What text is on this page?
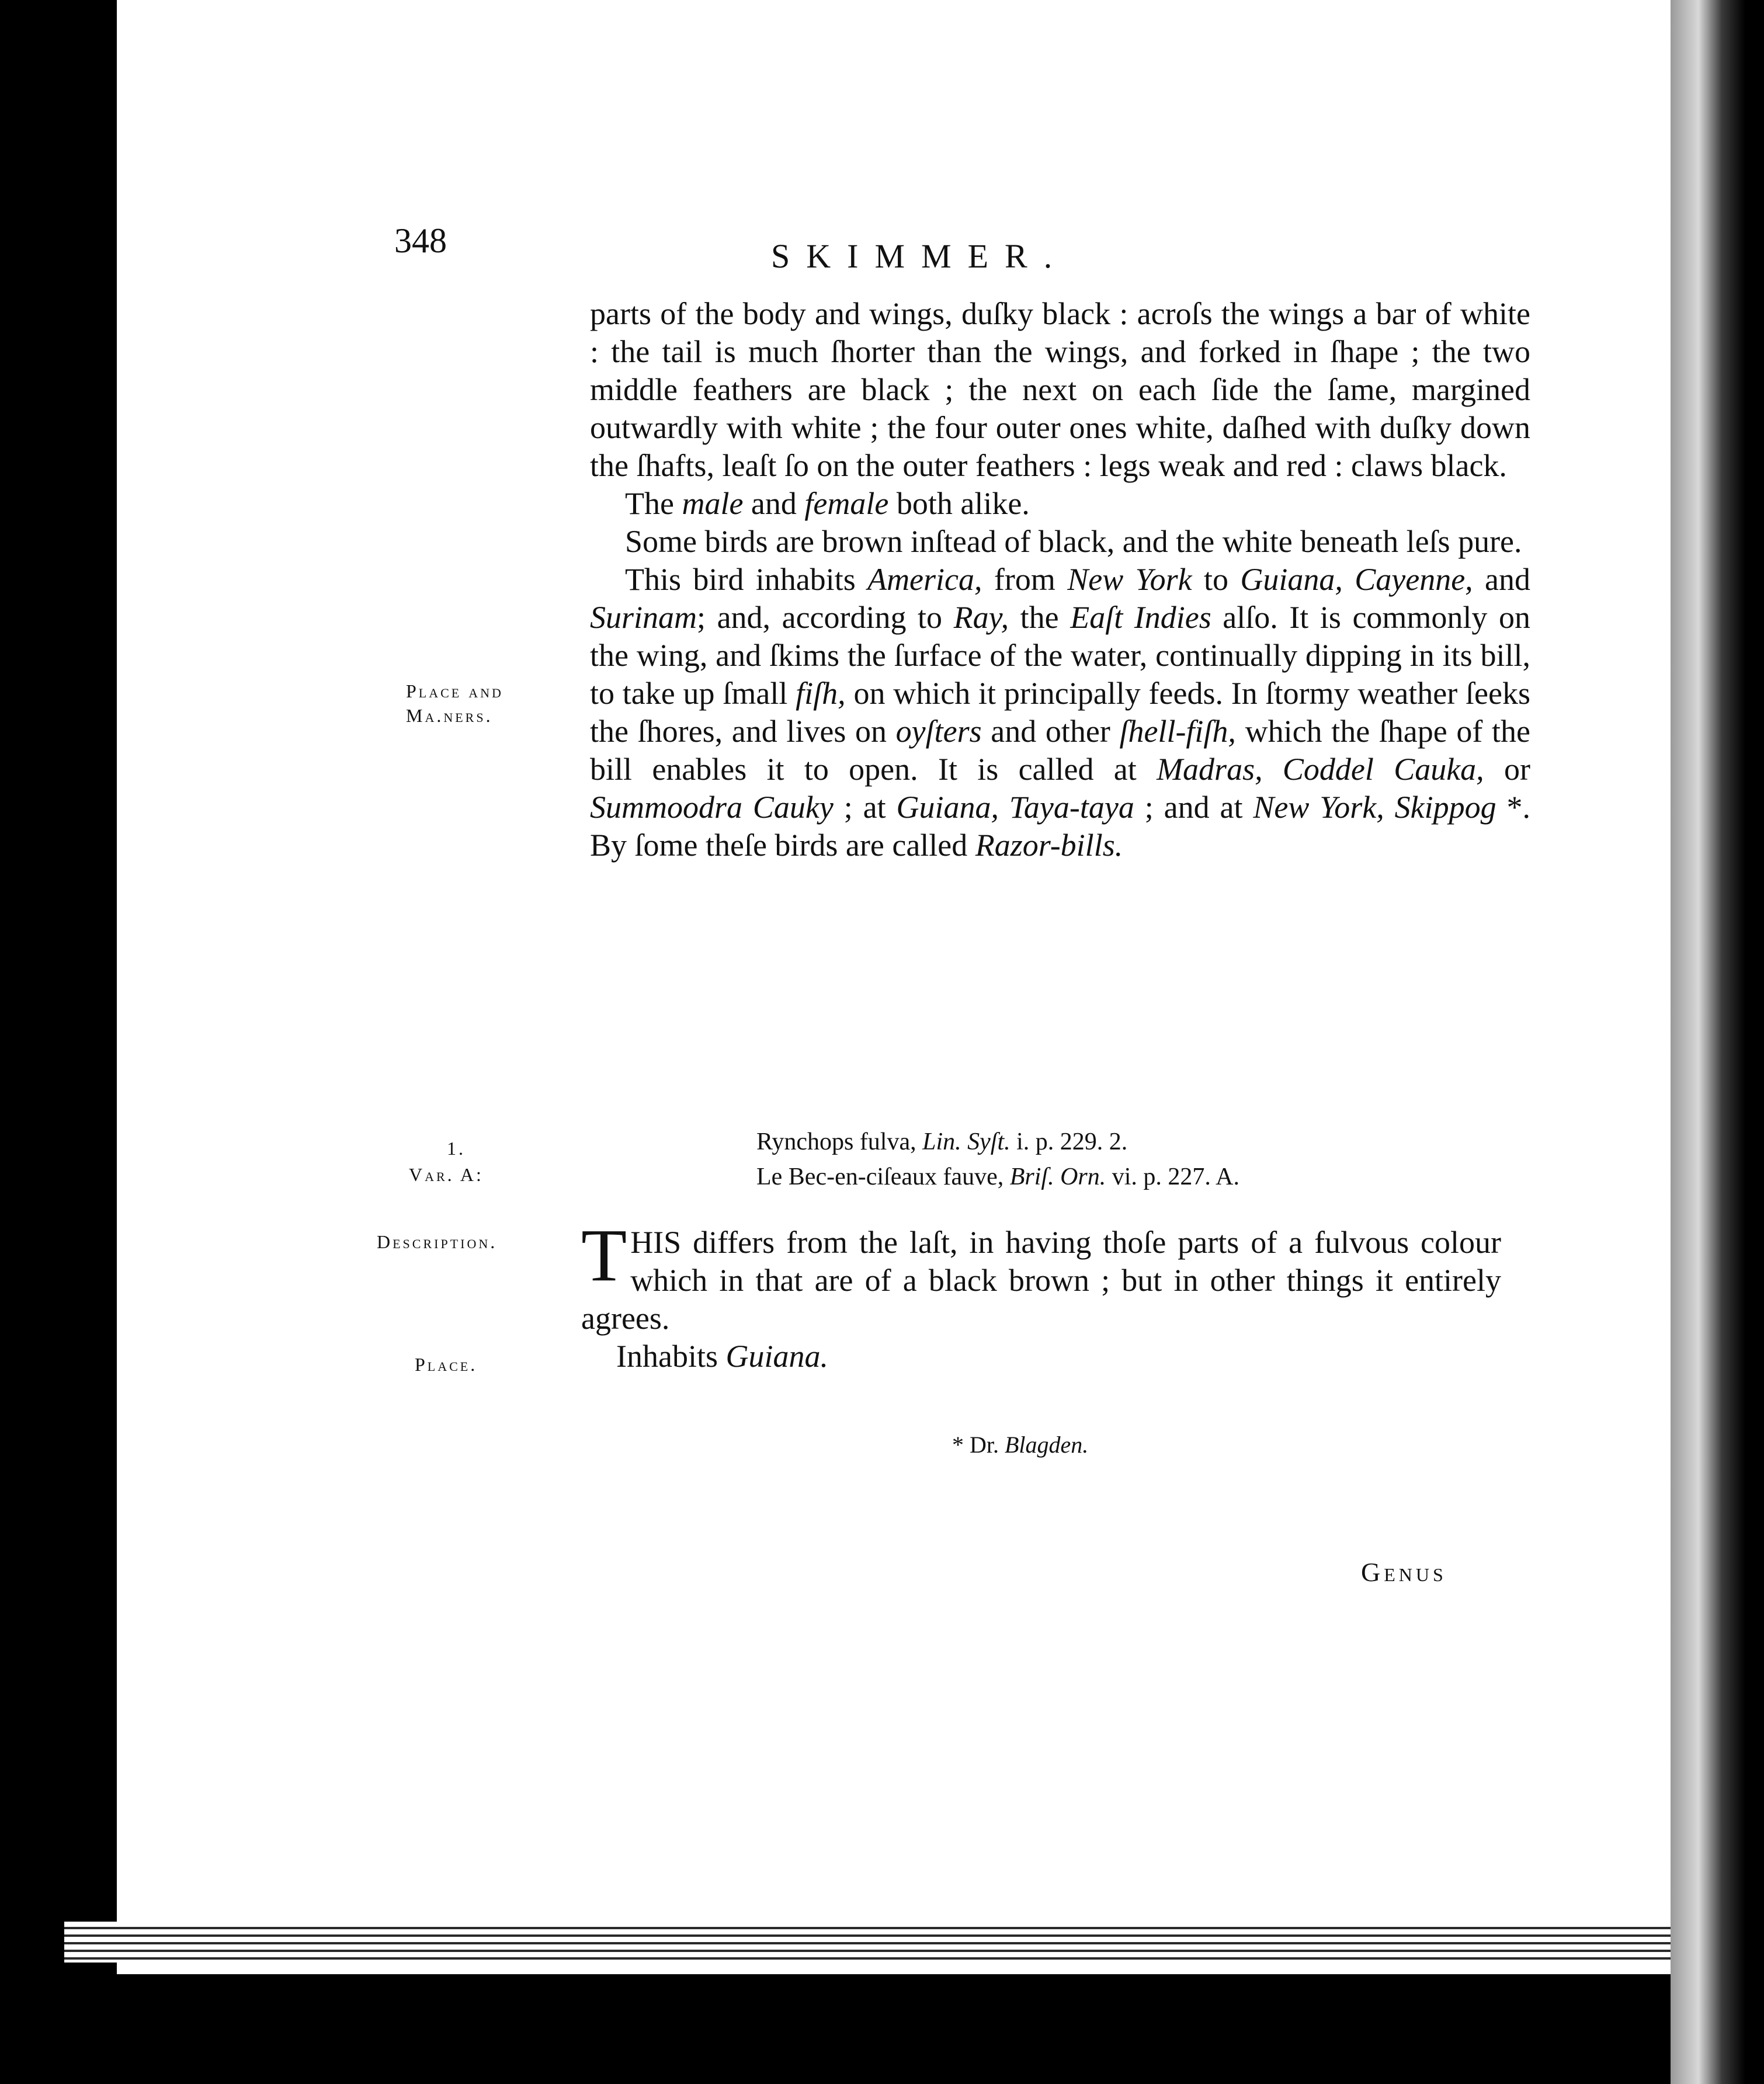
348	SKIMMER.

parts of the body and wings, duſky black : acroſs the wings a bar of white : the tail is much ſhorter than the wings, and forked in ſhape ; the two middle feathers are black ; the next on each ſide the ſame, margined outwardly with white ; the four outer ones white, daſhed with duſky down the ſhafts, leaſt ſo on the outer feathers : legs weak and red : claws black.

The male and female both alike.

Some birds are brown inſtead of black, and the white beneath leſs pure.

This bird inhabits America, from New York to Guiana, Cayenne, and Surinam; and, according to Ray, the Eaſt Indies alſo. It is commonly on the wing, and ſkims the ſurface of the water, continually dipping in its bill, to take up ſmall fiſh, on which it principally feeds. In ſtormy weather ſeeks the ſhores, and lives on oyſters and other ſhell-fiſh, which the ſhape of the bill enables it to open. It is called at Madras, Coddel Cauka, or Summoodra Cauky ; at Guiana, Taya-taya ; and at New York, Skippog *. By ſome theſe birds are called Razor-bills.

Place and Ma.ners.
1.
Var. A:
Description.
Place.

Rynchops fulva, Lin. Syſt. i. p. 229. 2.

Le Bec-en-ciſeaux fauve, Briſ. Orn. vi. p. 227. A.

THIS differs from the laſt, in having thoſe parts of a fulvous colour which in that are of a black brown ; but in other things it entirely agrees.

Inhabits Guiana.

* Dr. Blagden.
Genus
